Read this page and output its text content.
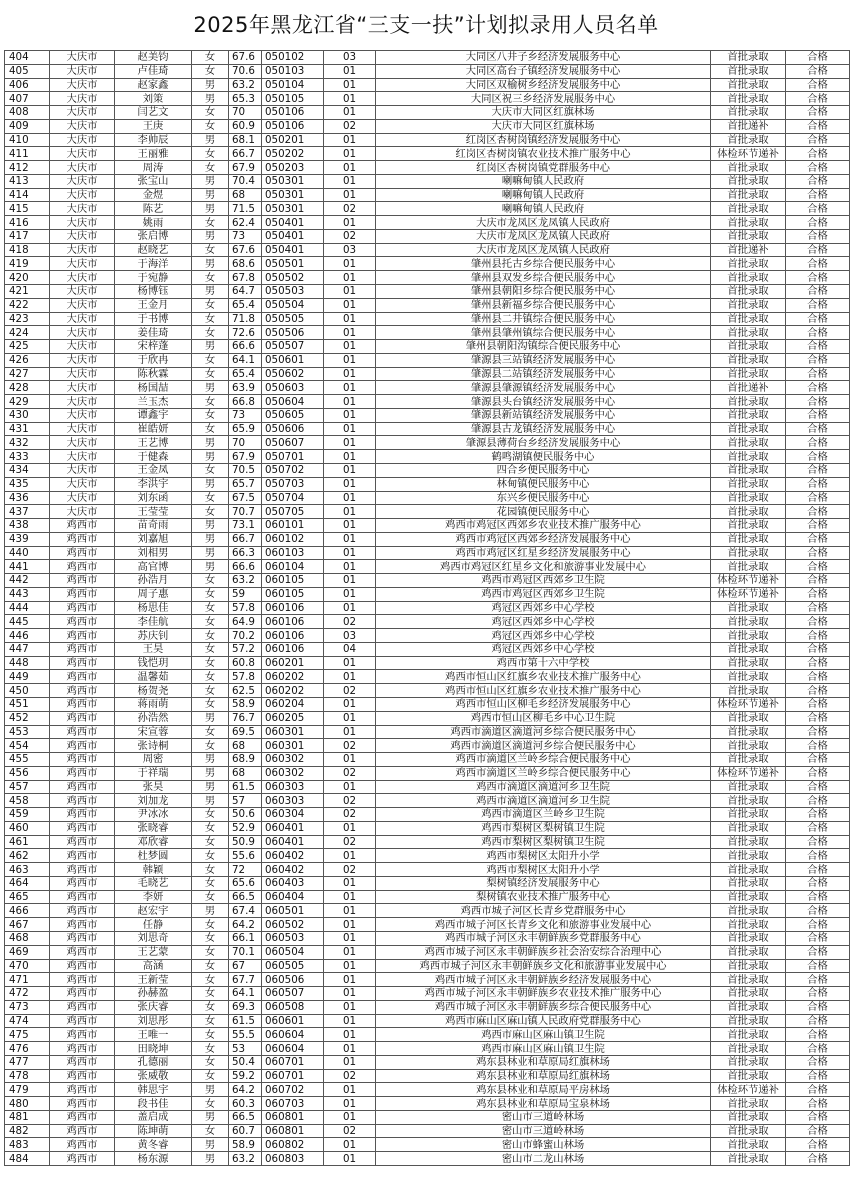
2025年黑龙江省“三支一扶”计划拟录用人员名单
404	大庆市	赵美钧	女	67.6	050102	03	大同区八井子乡经济发展服务中心	首批录取	合格
405	大庆市	卢佳琦	女	70.6	050103	01	大同区高台子镇经济发展服务中心	首批录取	合格
406	大庆市	赵家鑫	男	63.2	050104	01	大同区双榆树乡经济发展服务中心	首批录取	合格
407	大庆市	刘策	男	65.3	050105	01	大同区祝三乡经济发展服务中心	首批录取	合格
408	大庆市	闫艺文	女	70	050106	01	大庆市大同区红旗林场	首批录取	合格
409	大庆市	王庚	女	60.9	050106	02	大庆市大同区红旗林场	首批递补	合格
410	大庆市	李帅辰	男	68.1	050201	01	红岗区杏树岗镇经济发展服务中心	首批录取	合格
411	大庆市	王丽雅	女	66.7	050202	01	红岗区杏树岗镇农业技术推广服务中心	体检环节递补	合格
412	大庆市	周涛	女	67.9	050203	01	红岗区杏树岗镇党群服务中心	首批录取	合格
413	大庆市	张宝山	男	70.4	050301	01	喇嘛甸镇人民政府	首批录取	合格
414	大庆市	金煜	男	68	050301	01	喇嘛甸镇人民政府	首批录取	合格
415	大庆市	陈艺	男	71.5	050301	02	喇嘛甸镇人民政府	首批录取	合格
416	大庆市	姚雨	女	62.4	050401	01	大庆市龙凤区龙凤镇人民政府	首批录取	合格
417	大庆市	张启博	男	73	050401	02	大庆市龙凤区龙凤镇人民政府	首批录取	合格
418	大庆市	赵晓艺	女	67.6	050401	03	大庆市龙凤区龙凤镇人民政府	首批递补	合格
419	大庆市	于海洋	男	68.6	050501	01	肇州县托古乡综合便民服务中心	首批录取	合格
420	大庆市	于宛静	女	67.8	050502	01	肇州县双发乡综合便民服务中心	首批录取	合格
421	大庆市	杨博钰	男	64.7	050503	01	肇州县朝阳乡综合便民服务中心	首批录取	合格
422	大庆市	王金月	女	65.4	050504	01	肇州县新福乡综合便民服务中心	首批录取	合格
423	大庆市	于书博	女	71.8	050505	01	肇州县二井镇综合便民服务中心	首批录取	合格
424	大庆市	姜佳琦	女	72.6	050506	01	肇州县肇州镇综合便民服务中心	首批录取	合格
425	大庆市	宋梓蓬	男	66.6	050507	01	肇州县朝阳沟镇综合便民服务中心	首批录取	合格
426	大庆市	于欣冉	女	64.1	050601	01	肇源县三站镇经济发展服务中心	首批录取	合格
427	大庆市	陈秋霖	女	65.4	050602	01	肇源县二站镇经济发展服务中心	首批录取	合格
428	大庆市	杨国喆	男	63.9	050603	01	肇源县肇源镇经济发展服务中心	首批递补	合格
429	大庆市	兰玉杰	女	66.8	050604	01	肇源县头台镇经济发展服务中心	首批录取	合格
430	大庆市	谭鑫宇	女	73	050605	01	肇源县新站镇经济发展服务中心	首批录取	合格
431	大庆市	崔皓妍	女	65.9	050606	01	肇源县古龙镇经济发展服务中心	首批录取	合格
432	大庆市	王艺博	男	70	050607	01	肇源县薄荷台乡经济发展服务中心	首批录取	合格
433	大庆市	于健森	男	67.9	050701	01	鹤鸣湖镇便民服务中心	首批录取	合格
434	大庆市	王金凤	女	70.5	050702	01	四合乡便民服务中心	首批录取	合格
435	大庆市	李洪宇	男	65.7	050703	01	林甸镇便民服务中心	首批录取	合格
436	大庆市	刘东函	女	67.5	050704	01	东兴乡便民服务中心	首批录取	合格
437	大庆市	王莹莹	女	70.7	050705	01	花园镇便民服务中心	首批录取	合格
438	鸡西市	苗奇雨	男	73.1	060101	01	鸡西市鸡冠区西郊乡农业技术推广服务中心	首批录取	合格
439	鸡西市	刘嘉旭	男	66.7	060102	01	鸡西市鸡冠区西郊乡经济发展服务中心	首批录取	合格
440	鸡西市	刘相男	男	66.3	060103	01	鸡西市鸡冠区红星乡经济发展服务中心	首批录取	合格
441	鸡西市	高官博	男	66.6	060104	01	鸡西市鸡冠区红星乡文化和旅游事业发展中心	首批录取	合格
442	鸡西市	孙浩月	女	63.2	060105	01	鸡西市鸡冠区西郊乡卫生院	体检环节递补	合格
443	鸡西市	周子惠	女	59	060105	01	鸡西市鸡冠区西郊乡卫生院	体检环节递补	合格
444	鸡西市	杨思佳	女	57.8	060106	01	鸡冠区西郊乡中心学校	首批录取	合格
445	鸡西市	李佳航	女	64.9	060106	02	鸡冠区西郊乡中心学校	首批录取	合格
446	鸡西市	苏庆钊	女	70.2	060106	03	鸡冠区西郊乡中心学校	首批录取	合格
447	鸡西市	王昊	女	57.2	060106	04	鸡冠区西郊乡中心学校	首批录取	合格
448	鸡西市	钱恺玥	女	60.8	060201	01	鸡西市第十六中学校	首批录取	合格
449	鸡西市	温馨茹	女	57.8	060202	01	鸡西市恒山区红旗乡农业技术推广服务中心	首批录取	合格
450	鸡西市	杨贺尧	女	62.5	060202	02	鸡西市恒山区红旗乡农业技术推广服务中心	首批录取	合格
451	鸡西市	蒋雨萌	女	58.9	060204	01	鸡西市恒山区柳毛乡经济发展服务中心	体检环节递补	合格
452	鸡西市	孙浩然	男	76.7	060205	01	鸡西市恒山区柳毛乡中心卫生院	首批录取	合格
453	鸡西市	宋宣蓉	女	69.5	060301	01	鸡西市滴道区滴道河乡综合便民服务中心	首批录取	合格
454	鸡西市	张诗桐	女	68	060301	02	鸡西市滴道区滴道河乡综合便民服务中心	首批录取	合格
455	鸡西市	周密	男	68.9	060302	01	鸡西市滴道区兰岭乡综合便民服务中心	首批录取	合格
456	鸡西市	于祥瑞	男	68	060302	02	鸡西市滴道区兰岭乡综合便民服务中心	体检环节递补	合格
457	鸡西市	张昊	男	61.5	060303	01	鸡西市滴道区滴道河乡卫生院	首批录取	合格
458	鸡西市	刘加龙	男	57	060303	02	鸡西市滴道区滴道河乡卫生院	首批录取	合格
459	鸡西市	尹冰冰	女	50.6	060304	02	鸡西市滴道区兰岭乡卫生院	首批录取	合格
460	鸡西市	张晓睿	女	52.9	060401	01	鸡西市梨树区梨树镇卫生院	首批录取	合格
461	鸡西市	邓欣睿	女	50.9	060401	02	鸡西市梨树区梨树镇卫生院	首批录取	合格
462	鸡西市	杜梦圆	女	55.6	060402	01	鸡西市梨树区太阳升小学	首批录取	合格
463	鸡西市	韩颖	女	72	060402	02	鸡西市梨树区太阳升小学	首批录取	合格
464	鸡西市	毛晓艺	女	65.6	060403	01	梨树镇经济发展服务中心	首批录取	合格
465	鸡西市	李妍	女	66.5	060404	01	梨树镇农业技术推广服务中心	首批录取	合格
466	鸡西市	赵宏宇	男	67.4	060501	01	鸡西市城子河区长青乡党群服务中心	首批录取	合格
467	鸡西市	任静	女	64.2	060502	01	鸡西市城子河区长青乡文化和旅游事业发展中心	首批录取	合格
468	鸡西市	刘思奇	女	66.1	060503	01	鸡西市城子河区永丰朝鲜族乡党群服务中心	首批录取	合格
469	鸡西市	王艺蒙	女	70.1	060504	01	鸡西市城子河区永丰朝鲜族乡社会治安综合治理中心	首批录取	合格
470	鸡西市	高涵	女	67	060505	01	鸡西市城子河区永丰朝鲜族乡文化和旅游事业发展中心	首批录取	合格
471	鸡西市	王新莹	女	67.7	060506	01	鸡西市城子河区永丰朝鲜族乡经济发展服务中心	首批录取	合格
472	鸡西市	孙赫盈	女	64.1	060507	01	鸡西市城子河区永丰朝鲜族乡农业技术推广服务中心	首批录取	合格
473	鸡西市	张庆睿	女	69.3	060508	01	鸡西市城子河区永丰朝鲜族乡综合便民服务中心	首批录取	合格
474	鸡西市	刘思彤	女	61.5	060601	01	鸡西市麻山区麻山镇人民政府党群服务中心	首批录取	合格
475	鸡西市	王唯一	女	55.5	060604	01	鸡西市麻山区麻山镇卫生院	首批录取	合格
476	鸡西市	田晓坤	女	53	060604	01	鸡西市麻山区麻山镇卫生院	首批录取	合格
477	鸡西市	孔德丽	女	50.4	060701	01	鸡东县林业和草原局红旗林场	首批录取	合格
478	鸡西市	张威敬	女	59.2	060701	02	鸡东县林业和草原局红旗林场	首批录取	合格
479	鸡西市	韩思宇	男	64.2	060702	01	鸡东县林业和草原局平房林场	体检环节递补	合格
480	鸡西市	段书佳	女	60.3	060703	01	鸡东县林业和草原局宝泉林场	首批录取	合格
481	鸡西市	盖启成	男	66.5	060801	01	密山市三道岭林场	首批录取	合格
482	鸡西市	陈坤萌	女	60.7	060801	02	密山市三道岭林场	首批录取	合格
483	鸡西市	黄冬睿	男	58.9	060802	01	密山市蜂蜜山林场	首批录取	合格
484	鸡西市	杨东源	男	63.2	060803	01	密山市二龙山林场	首批录取	合格
